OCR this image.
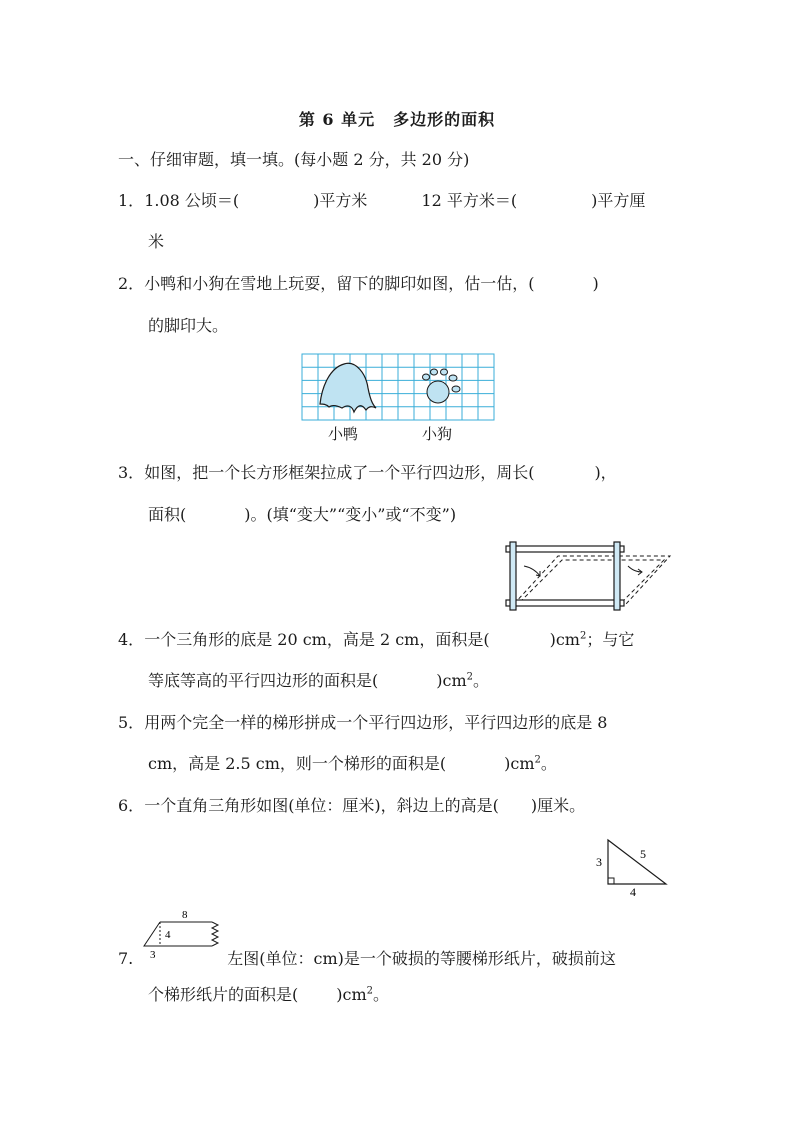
第 6 单元 多边形的面积
一、仔细审题，填一填。(每小题 2 分，共 20 分)
1．1.08 公顷＝(	)平方米	12 平方米＝(	)平方厘
米
2．小鸭和小狗在雪地上玩耍，留下的脚印如图，估一估，(	)
的脚印大。
小鸭	小狗
3．如图，把一个长方形框架拉成了一个平行四边形，周长(	)，
面积(	)。(填“变大”“变小”或“不变”)
4．一个三角形的底是 20 cm，高是 2 cm，面积是(	)$cm^2$；与它
等底等高的平行四边形的面积是(	)$cm^2$。
5．用两个完全一样的梯形拼成一个平行四边形，平行四边形的底是 8
cm，高是 2.5 cm，则一个梯形的面积是(	)$cm^2$。
6．一个直角三角形如图(单位：厘米)，斜边上的高是( )厘米。
3
4
5
8
4
3
7.	左图(单位：cm)是一个破损的等腰梯形纸片，破损前这
个梯形纸片的面积是( )$cm^2$。
